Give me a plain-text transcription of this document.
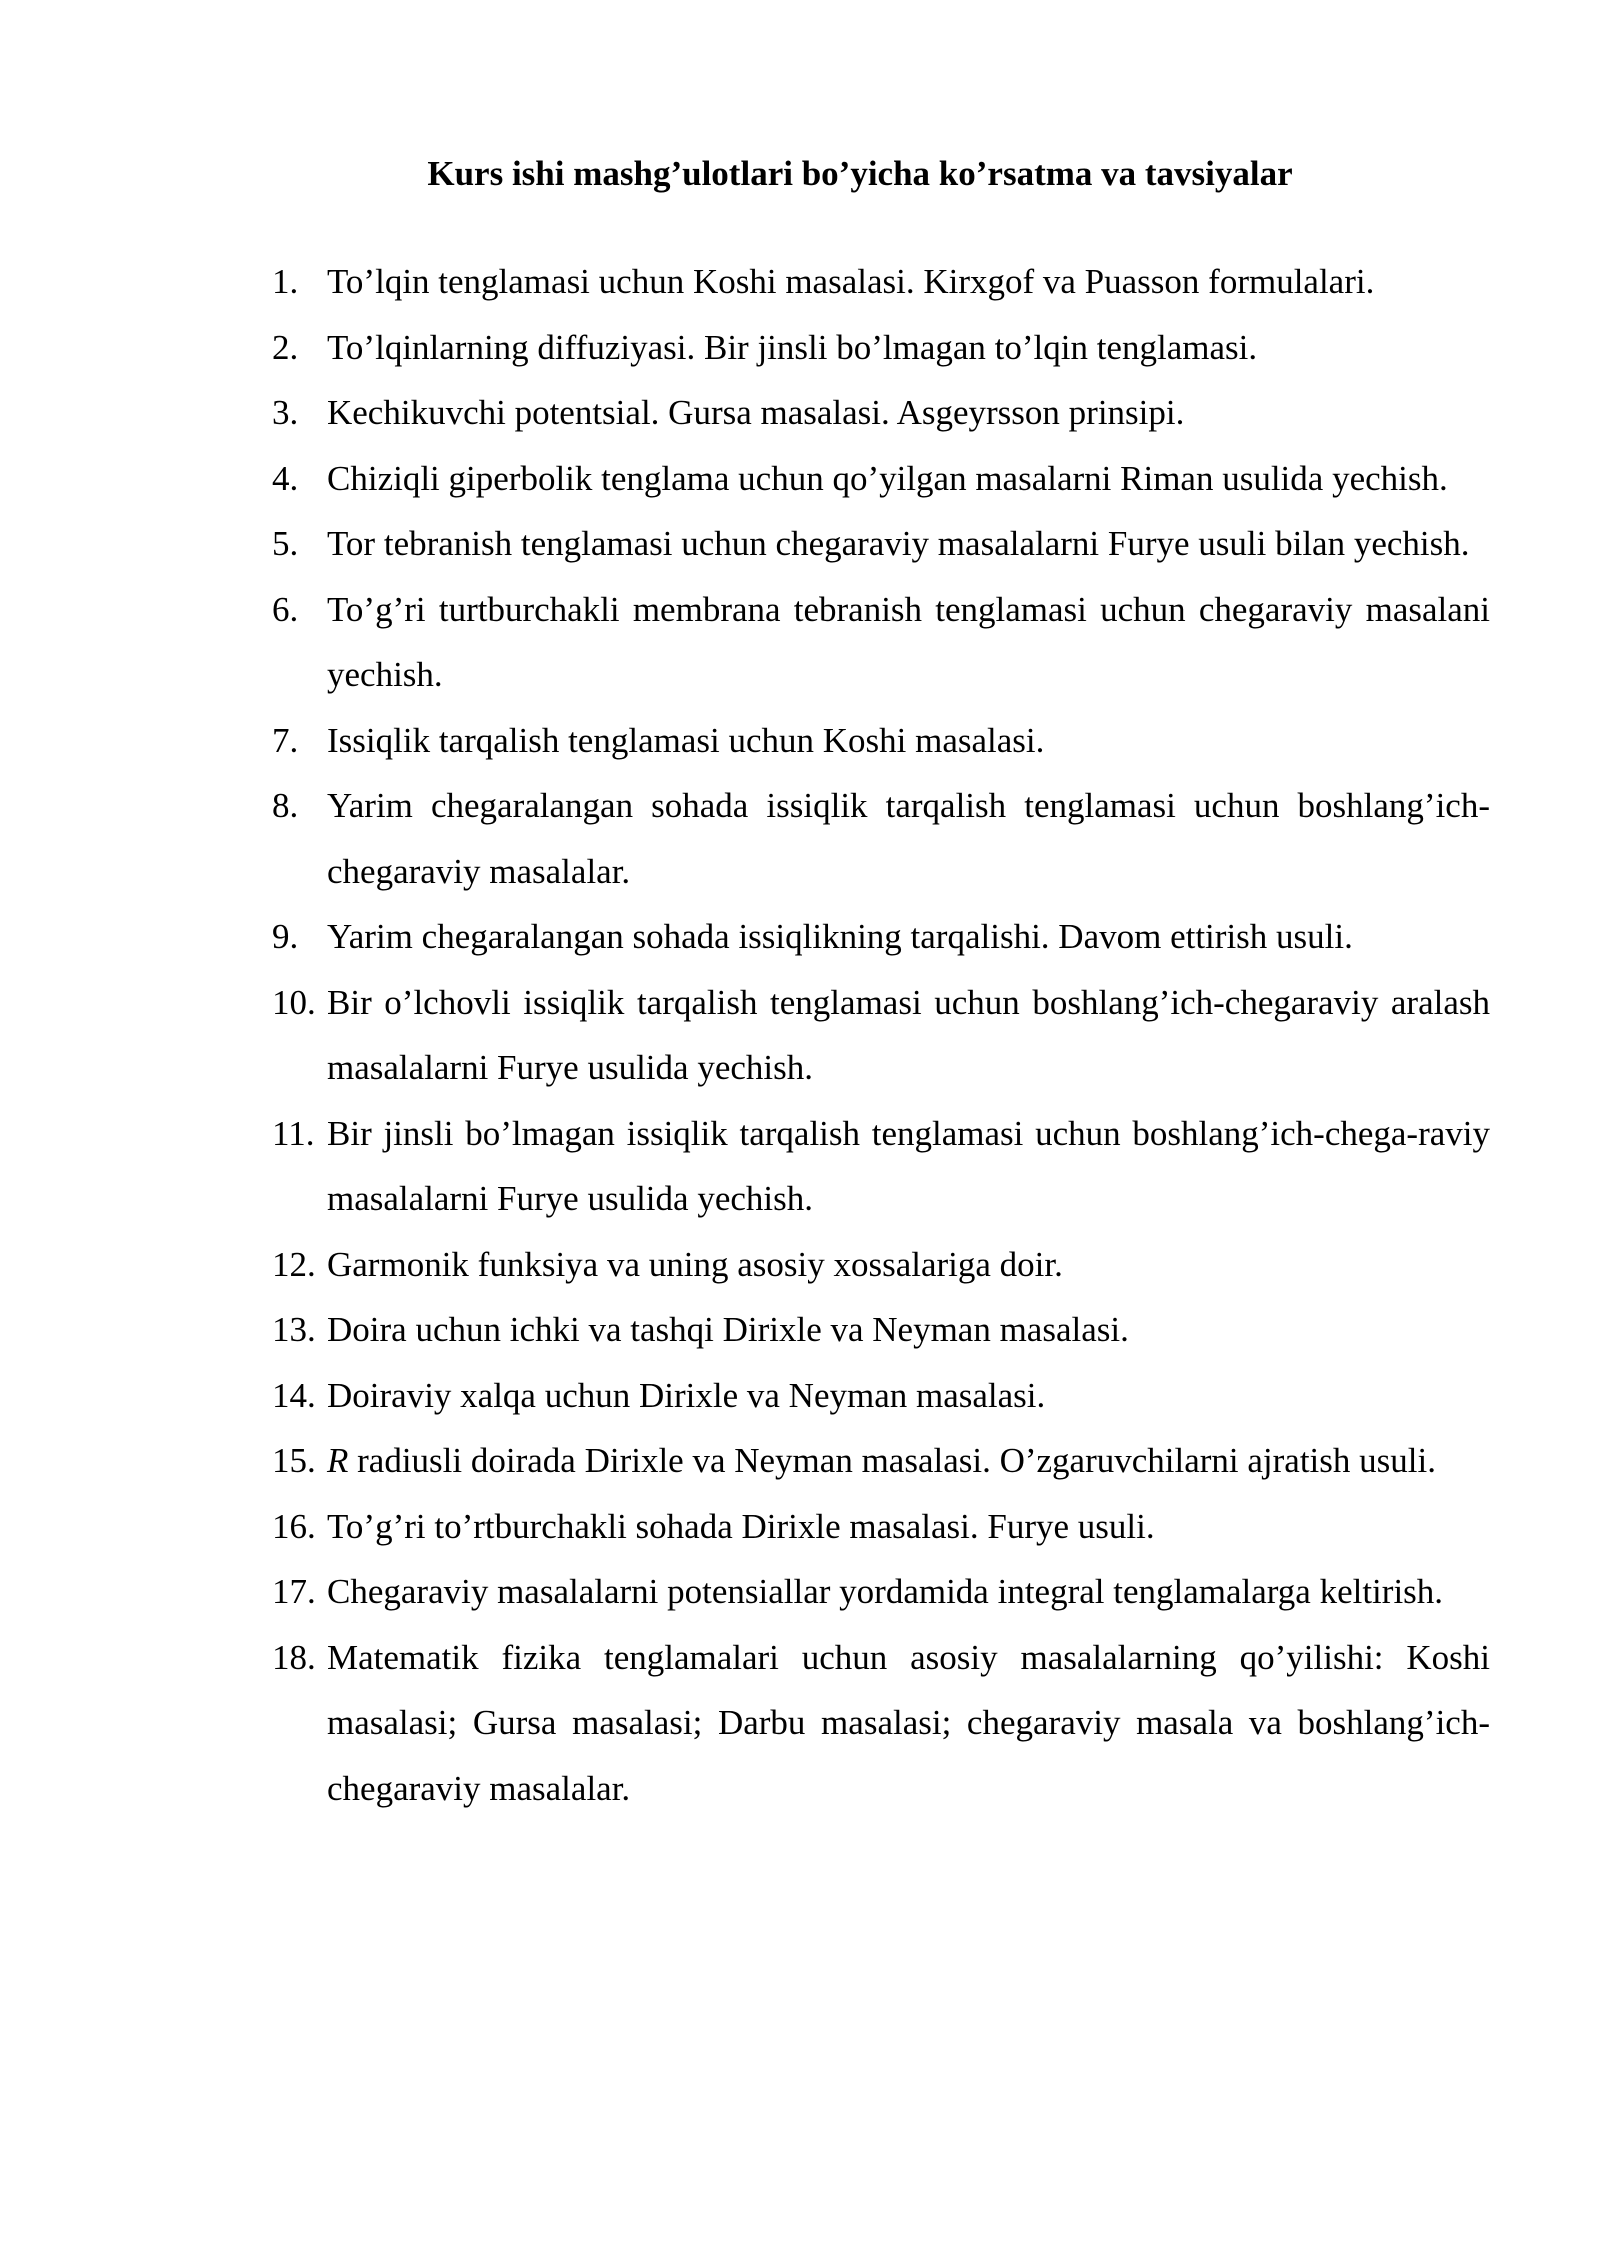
Kurs ishi mashg’ulotlari bo’yicha ko’rsatma va tavsiyalar
1. To’lqin tenglamasi uchun Koshi masalasi. Kirxgof va Puasson formulalari.
2. To’lqinlarning diffuziyasi. Bir jinsli bo’lmagan to’lqin tenglamasi.
3. Kechikuvchi potentsial. Gursa masalasi. Asgeyrsson prinsipi.
4. Chiziqli giperbolik tenglama uchun qo’yilgan masalarni Riman usulida yechish.
5. Tor tebranish tenglamasi uchun chegaraviy masalalarni Furye usuli bilan yechish.
6. To’g’ri turtburchakli membrana tebranish tenglamasi uchun chegaraviy masalani yechish.
7. Issiqlik tarqalish tenglamasi uchun Koshi masalasi.
8. Yarim chegaralangan sohada issiqlik tarqalish tenglamasi uchun boshlang’ich-chegaraviy masalalar.
9. Yarim chegaralangan sohada issiqlikning tarqalishi. Davom ettirish usuli.
10. Bir o’lchovli issiqlik tarqalish tenglamasi uchun boshlang’ich-chegaraviy aralash masalalarni Furye usulida yechish.
11. Bir jinsli bo’lmagan issiqlik tarqalish tenglamasi uchun boshlang’ich-chega-raviy masalalarni Furye usulida yechish.
12. Garmonik funksiya va uning asosiy xossalariga doir.
13. Doira uchun ichki va tashqi Dirixle va Neyman masalasi.
14. Doiraviy xalqa uchun Dirixle va Neyman masalasi.
15. R radiusli doirada Dirixle va Neyman masalasi. O’zgaruvchilarni ajratish usuli.
16. To’g’ri to’rtburchakli sohada Dirixle masalasi. Furye usuli.
17. Chegaraviy masalalarni potensiallar yordamida integral tenglamalarga keltirish.
18. Matematik fizika tenglamalari uchun asosiy masalalarning qo’yilishi: Koshi masalasi; Gursa masalasi; Darbu masalasi; chegaraviy masala va boshlang’ich-chegaraviy masalalar.
